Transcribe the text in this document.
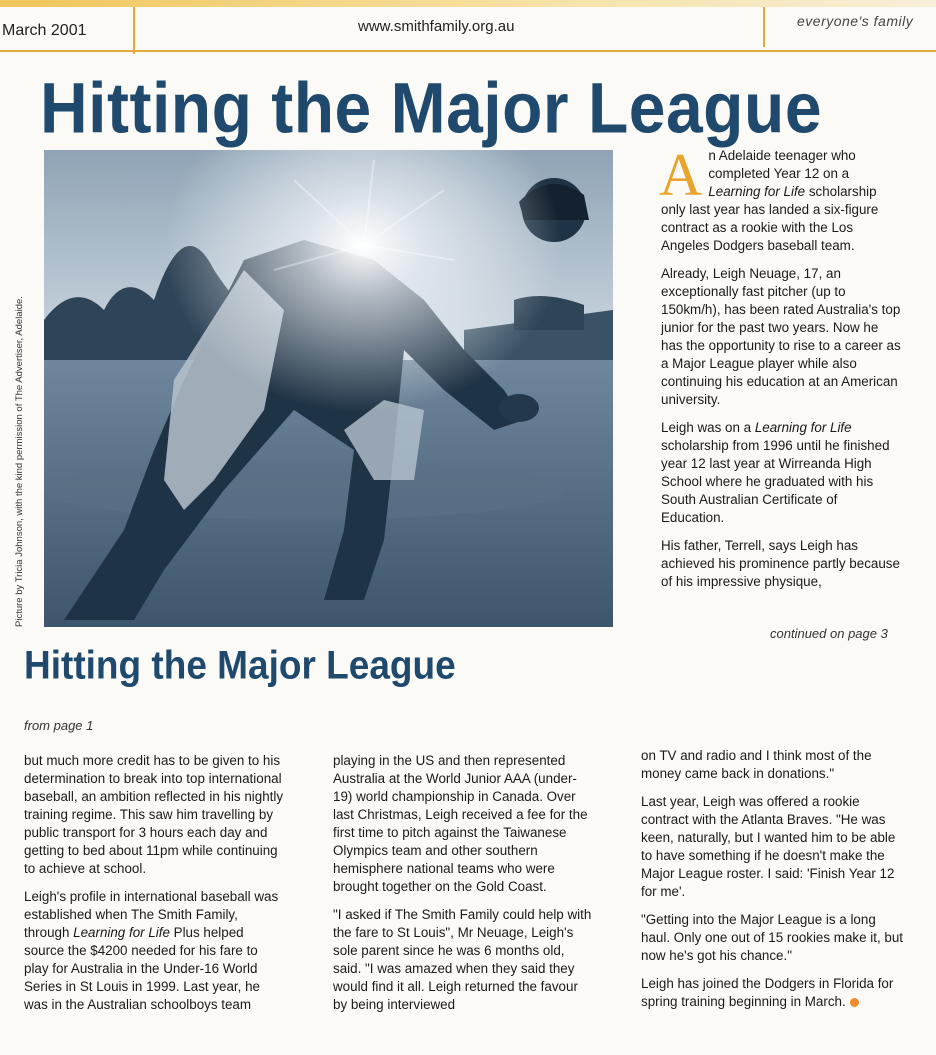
March 2001	www.smithfamily.org.au	everyone's family
Hitting the Major League
Picture by Tricia Johnson, with the kind permission of The Advertiser, Adelaide.

An Adelaide teenager who completed Year 12 on a Learning for Life scholarship only last year has landed a six-figure contract as a rookie with the Los Angeles Dodgers baseball team.

Already, Leigh Neuage, 17, an exceptionally fast pitcher (up to 150km/h), has been rated Australia's top junior for the past two years. Now he has the opportunity to rise to a career as a Major League player while also continuing his education at an American university.

Leigh was on a Learning for Life scholarship from 1996 until he finished year 12 last year at Wirreanda High School where he graduated with his South Australian Certificate of Education.

His father, Terrell, says Leigh has achieved his prominence partly because of his impressive physique,

continued on page 3
Hitting the Major League
from page 1

but much more credit has to be given to his determination to break into top international baseball, an ambition reflected in his nightly training regime. This saw him travelling by public transport for 3 hours each day and getting to bed about 11pm while continuing to achieve at school.

Leigh's profile in international baseball was established when The Smith Family, through Learning for Life Plus helped source the $4200 needed for his fare to play for Australia in the Under-16 World Series in St Louis in 1999. Last year, he was in the Australian schoolboys team

playing in the US and then represented Australia at the World Junior AAA (under-19) world championship in Canada. Over last Christmas, Leigh received a fee for the first time to pitch against the Taiwanese Olympics team and other southern hemisphere national teams who were brought together on the Gold Coast.

"I asked if The Smith Family could help with the fare to St Louis", Mr Neuage, Leigh's sole parent since he was 6 months old, said. "I was amazed when they said they would find it all. Leigh returned the favour by being interviewed

on TV and radio and I think most of the money came back in donations."

Last year, Leigh was offered a rookie contract with the Atlanta Braves. "He was keen, naturally, but I wanted him to be able to have something if he doesn't make the Major League roster. I said: 'Finish Year 12 for me'.

"Getting into the Major League is a long haul. Only one out of 15 rookies make it, but now he's got his chance."

Leigh has joined the Dodgers in Florida for spring training beginning in March.
